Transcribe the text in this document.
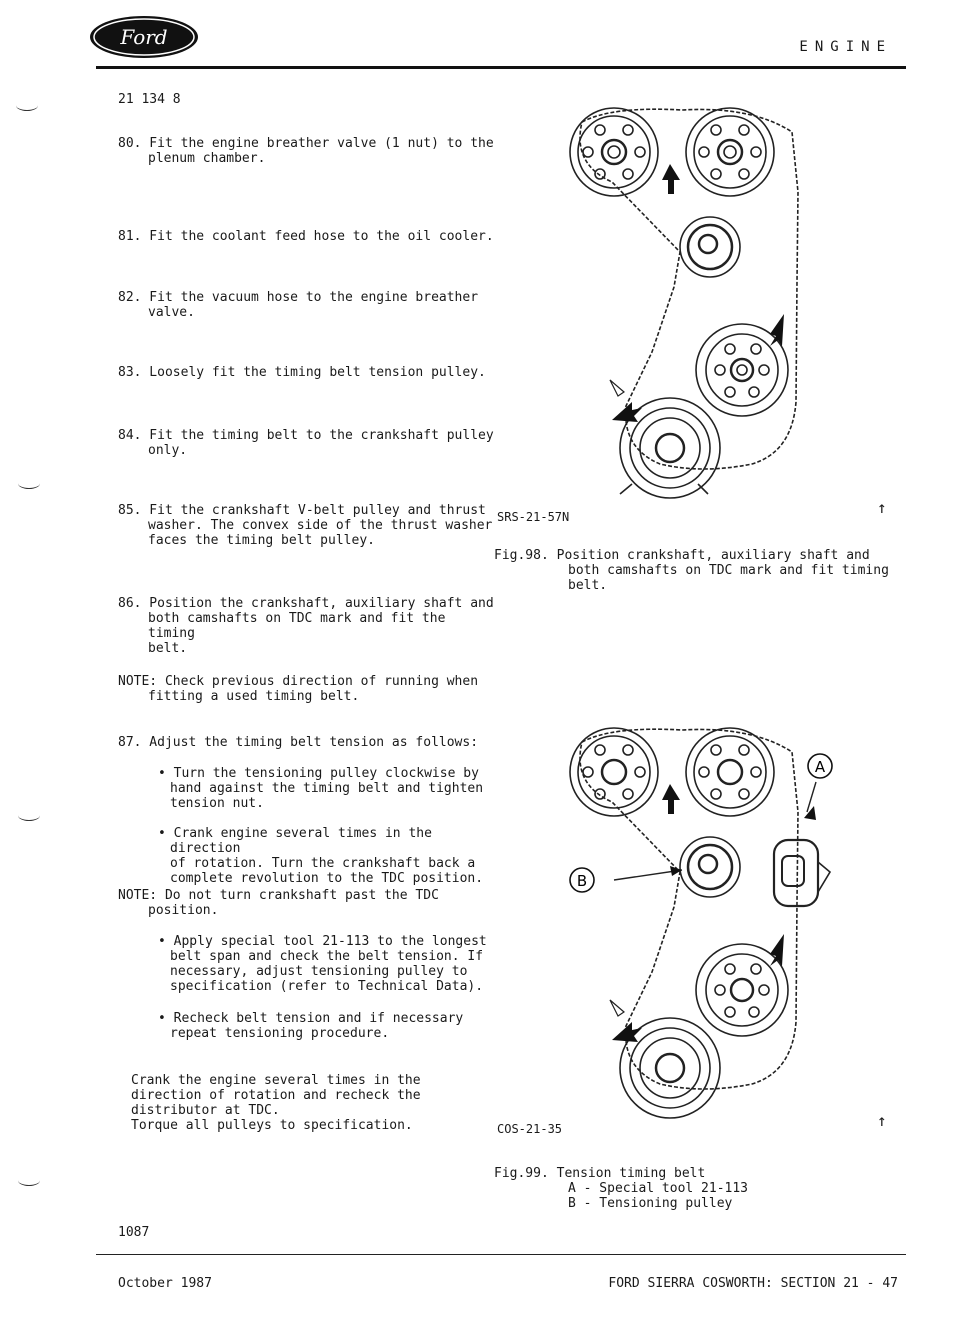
Ford	ENGINE
21 134 8
80. Fit the engine breather valve (1 nut) to the
plenum chamber.
81. Fit the coolant feed hose to the oil cooler.
82. Fit the vacuum hose to the engine breather
valve.
83. Loosely fit the timing belt tension pulley.
84. Fit the timing belt to the crankshaft pulley
only.
85. Fit the crankshaft V-belt pulley and thrust
washer. The convex side of the thrust washer
faces the timing belt pulley.
86. Position the crankshaft, auxiliary shaft and
both camshafts on TDC mark and fit the timing
belt.
NOTE: Check previous direction of running when
fitting a used timing belt.
87. Adjust the timing belt tension as follows:
• Turn the tensioning pulley clockwise by
hand against the timing belt and tighten
tension nut.
• Crank engine several times in the direction
of rotation. Turn the crankshaft back a
complete revolution to the TDC position.
NOTE: Do not turn crankshaft past the TDC
position.
• Apply special tool 21-113 to the longest
belt span and check the belt tension. If
necessary, adjust tensioning pulley to
specification (refer to Technical Data).
• Recheck belt tension and if necessary
repeat tensioning procedure.
Crank the engine several times in the
direction of rotation and recheck the
distributor at TDC.
Torque all pulleys to specification.
SRS-21-57N	↑
Fig.98. Position crankshaft, auxiliary shaft and
both camshafts on TDC mark and fit timing
belt.
A
B
COS-21-35	↑
Fig.99. Tension timing belt
A - Special tool 21-113
B - Tensioning pulley
1087
October 1987	FORD SIERRA COSWORTH: SECTION 21 - 47
